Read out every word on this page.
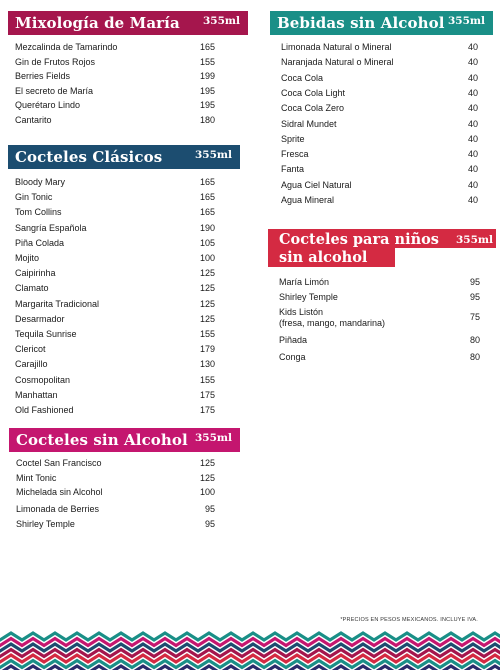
Mixología de María 355ml
Mezcalinda de Tamarindo	165
Gin de Frutos Rojos	155
Berries Fields	199
El secreto de María	195
Querétaro Lindo	195
Cantarito	180
Cocteles Clásicos	355ml
Bloody Mary	165
Gin Tonic	165
Tom Collins	165
Sangría Española	190
Piña Colada	105
Mojito	100
Caipirinha	125
Clamato	125
Margarita Tradicional	125
Desarmador	125
Tequila Sunrise	155
Clericot	179
Carajillo	130
Cosmopolitan	155
Manhattan	175
Old Fashioned	175
Cocteles sin Alcohol 355ml
Coctel San Francisco	125
Mint Tonic	125
Michelada sin Alcohol	100
Limonada de Berries	95
Shirley Temple	95
Bebidas sin Alcohol 355ml
Limonada Natural o Mineral	40
Naranjada Natural o Mineral	40
Coca Cola	40
Coca Cola Light	40
Coca Cola Zero	40
Sidral Mundet	40
Sprite	40
Fresca	40
Fanta	40
Agua Ciel Natural	40
Agua Mineral	40
Cocteles para niños
sin alcohol
355ml
María Limón	95
Shirley Temple	95
Kids Listón
(fresa, mango, mandarina)
75
Piñada	80
Conga	80
*PRECIOS EN PESOS MEXICANOS. INCLUYE IVA.
